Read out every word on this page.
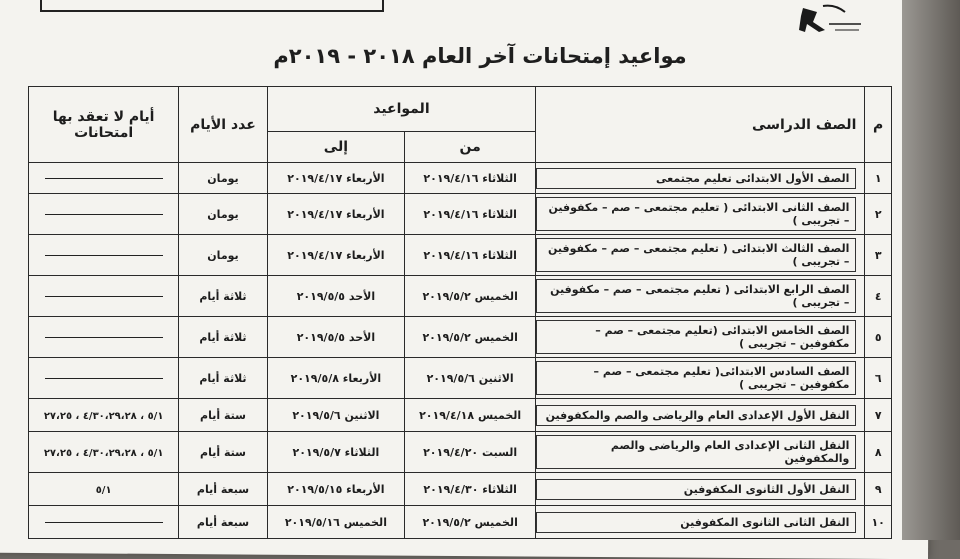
مواعيد إمتحانات آخر العام ٢٠١٨ - ٢٠١٩م
م	الصف الدراسى	المواعيد		عدد الأيام	أيام لا تعقد بها امتحانات
		من	إلى		
١	الصف الأول الابتدائى تعليم مجتمعى	الثلاثاء ٢٠١٩/٤/١٦	الأربعاء ٢٠١٩/٤/١٧	يومان	
٢	الصف الثانى الابتدائى ( تعليم مجتمعى – صم – مكفوفين – تجريبى )	الثلاثاء ٢٠١٩/٤/١٦	الأربعاء ٢٠١٩/٤/١٧	يومان	
٣	الصف الثالث الابتدائى ( تعليم مجتمعى – صم – مكفوفين – تجريبى )	الثلاثاء ٢٠١٩/٤/١٦	الأربعاء ٢٠١٩/٤/١٧	يومان	
٤	الصف الرابع الابتدائى ( تعليم مجتمعى – صم – مكفوفين – تجريبى )	الخميس ٢٠١٩/٥/٢	الأحد ٢٠١٩/٥/٥	ثلاثة أيام	
٥	الصف الخامس الابتدائى (تعليم مجتمعى – صم – مكفوفين – تجريبى )	الخميس ٢٠١٩/٥/٢	الأحد ٢٠١٩/٥/٥	ثلاثة أيام	
٦	الصف السادس الابتدائى( تعليم مجتمعى – صم – مكفوفين – تجريبى )	الاثنين ٢٠١٩/٥/٦	الأربعاء ٢٠١٩/٥/٨	ثلاثة أيام	
٧	النقل الأول الإعدادى العام والرياضى والصم والمكفوفين	الخميس ٢٠١٩/٤/١٨	الاثنين ٢٠١٩/٥/٦	ستة أيام	٥/١ ، ٤/٣٠،٢٩،٢٨ ، ٢٧،٢٥
٨	النقل الثانى الإعدادى العام والرياضى والصم والمكفوفين	السبت ٢٠١٩/٤/٢٠	الثلاثاء ٢٠١٩/٥/٧	ستة أيام	٥/١ ، ٤/٣٠،٢٩،٢٨ ، ٢٧،٢٥
٩	النقل الأول الثانوى المكفوفين	الثلاثاء ٢٠١٩/٤/٣٠	الأربعاء ٢٠١٩/٥/١٥	سبعة أيام	٥/١
١٠	النقل الثانى الثانوى المكفوفين	الخميس ٢٠١٩/٥/٢	الخميس ٢٠١٩/٥/١٦	سبعة أيام	
